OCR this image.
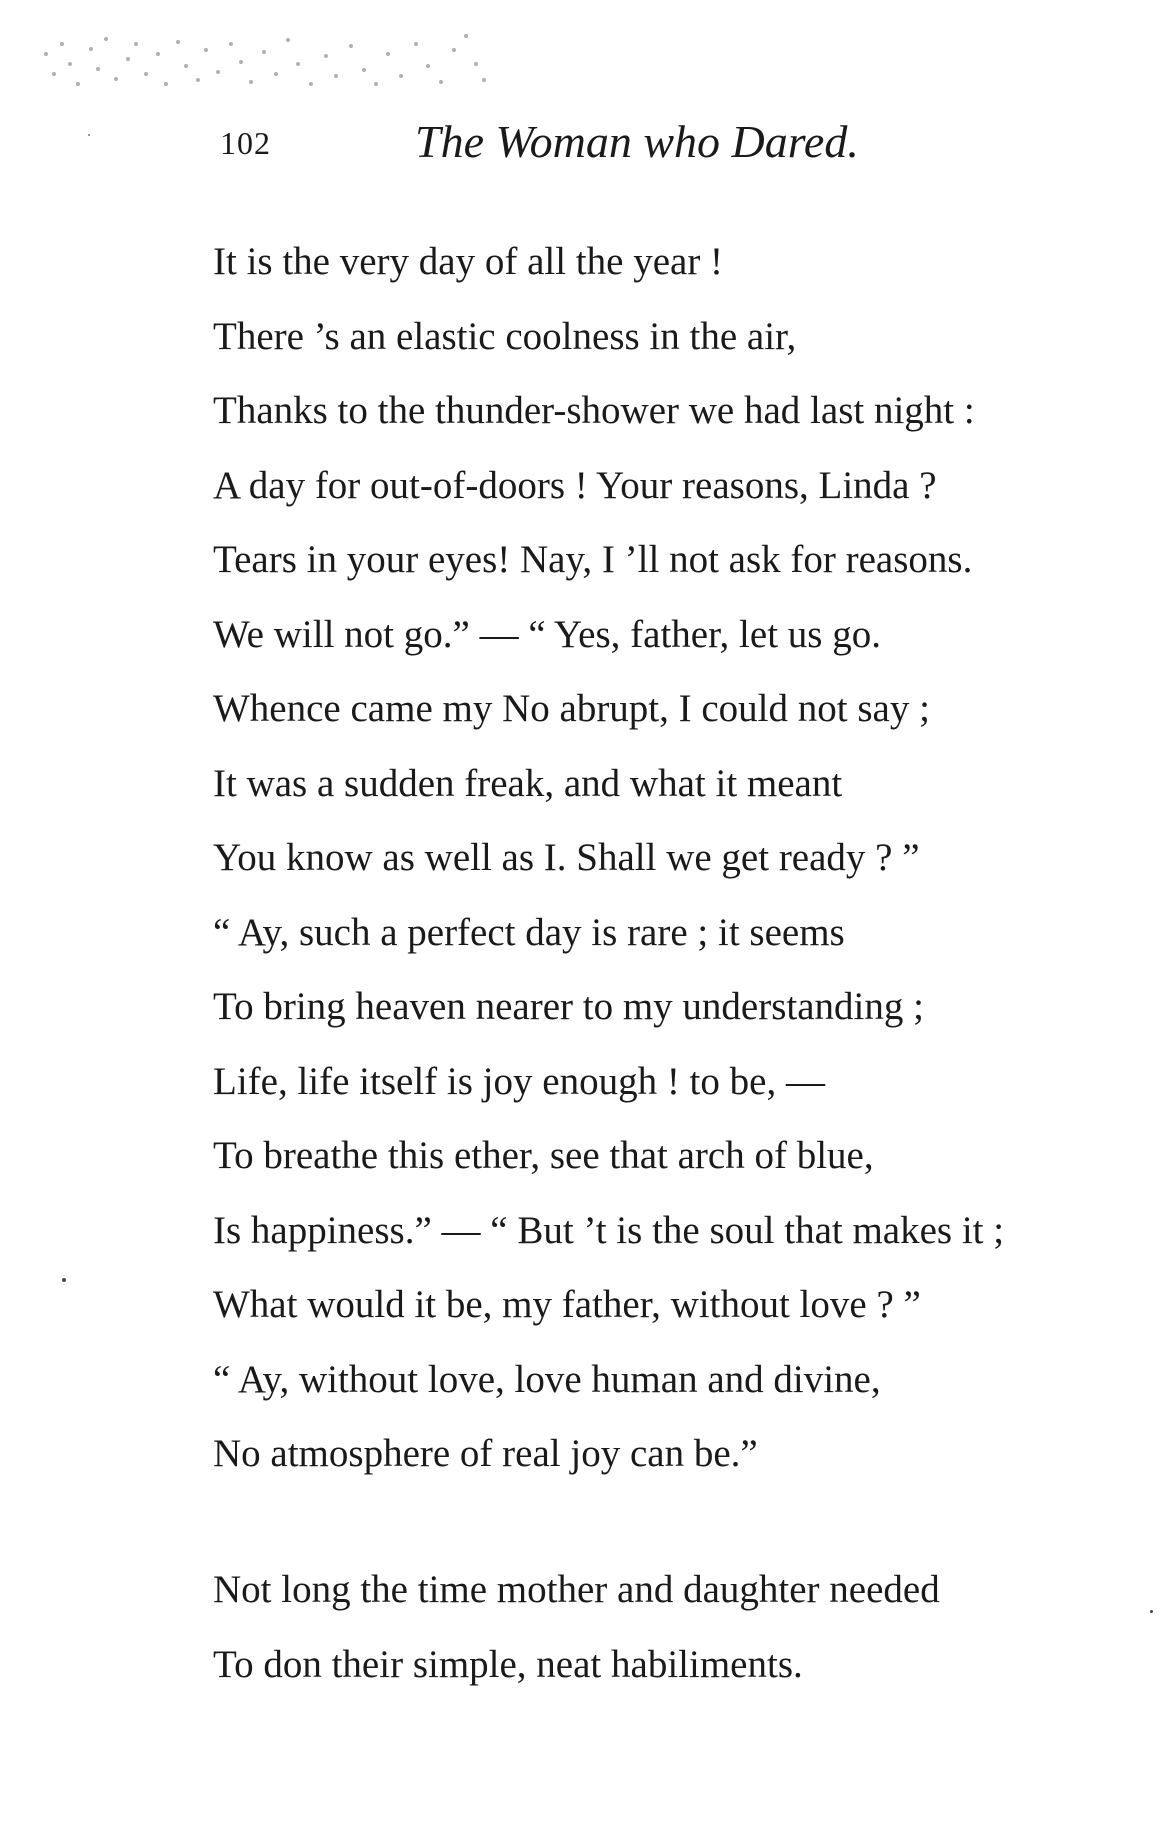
102	The Woman who Dared.
It is the very day of all the year !
There ’s an elastic coolness in the air,
Thanks to the thunder-shower we had last night :
A day for out-of-doors ! Your reasons, Linda ?
Tears in your eyes! Nay, I ’ll not ask for reasons.
We will not go.” — “ Yes, father, let us go.
Whence came my No abrupt, I could not say ;
It was a sudden freak, and what it meant
You know as well as I. Shall we get ready ? ”
“ Ay, such a perfect day is rare ; it seems
To bring heaven nearer to my understanding ;
Life, life itself is joy enough ! to be, —
To breathe this ether, see that arch of blue,
Is happiness.” — “ But ’t is the soul that makes it ;
What would it be, my father, without love ? ”
“ Ay, without love, love human and divine,
No atmosphere of real joy can be.”
Not long the time mother and daughter needed
To don their simple, neat habiliments.
